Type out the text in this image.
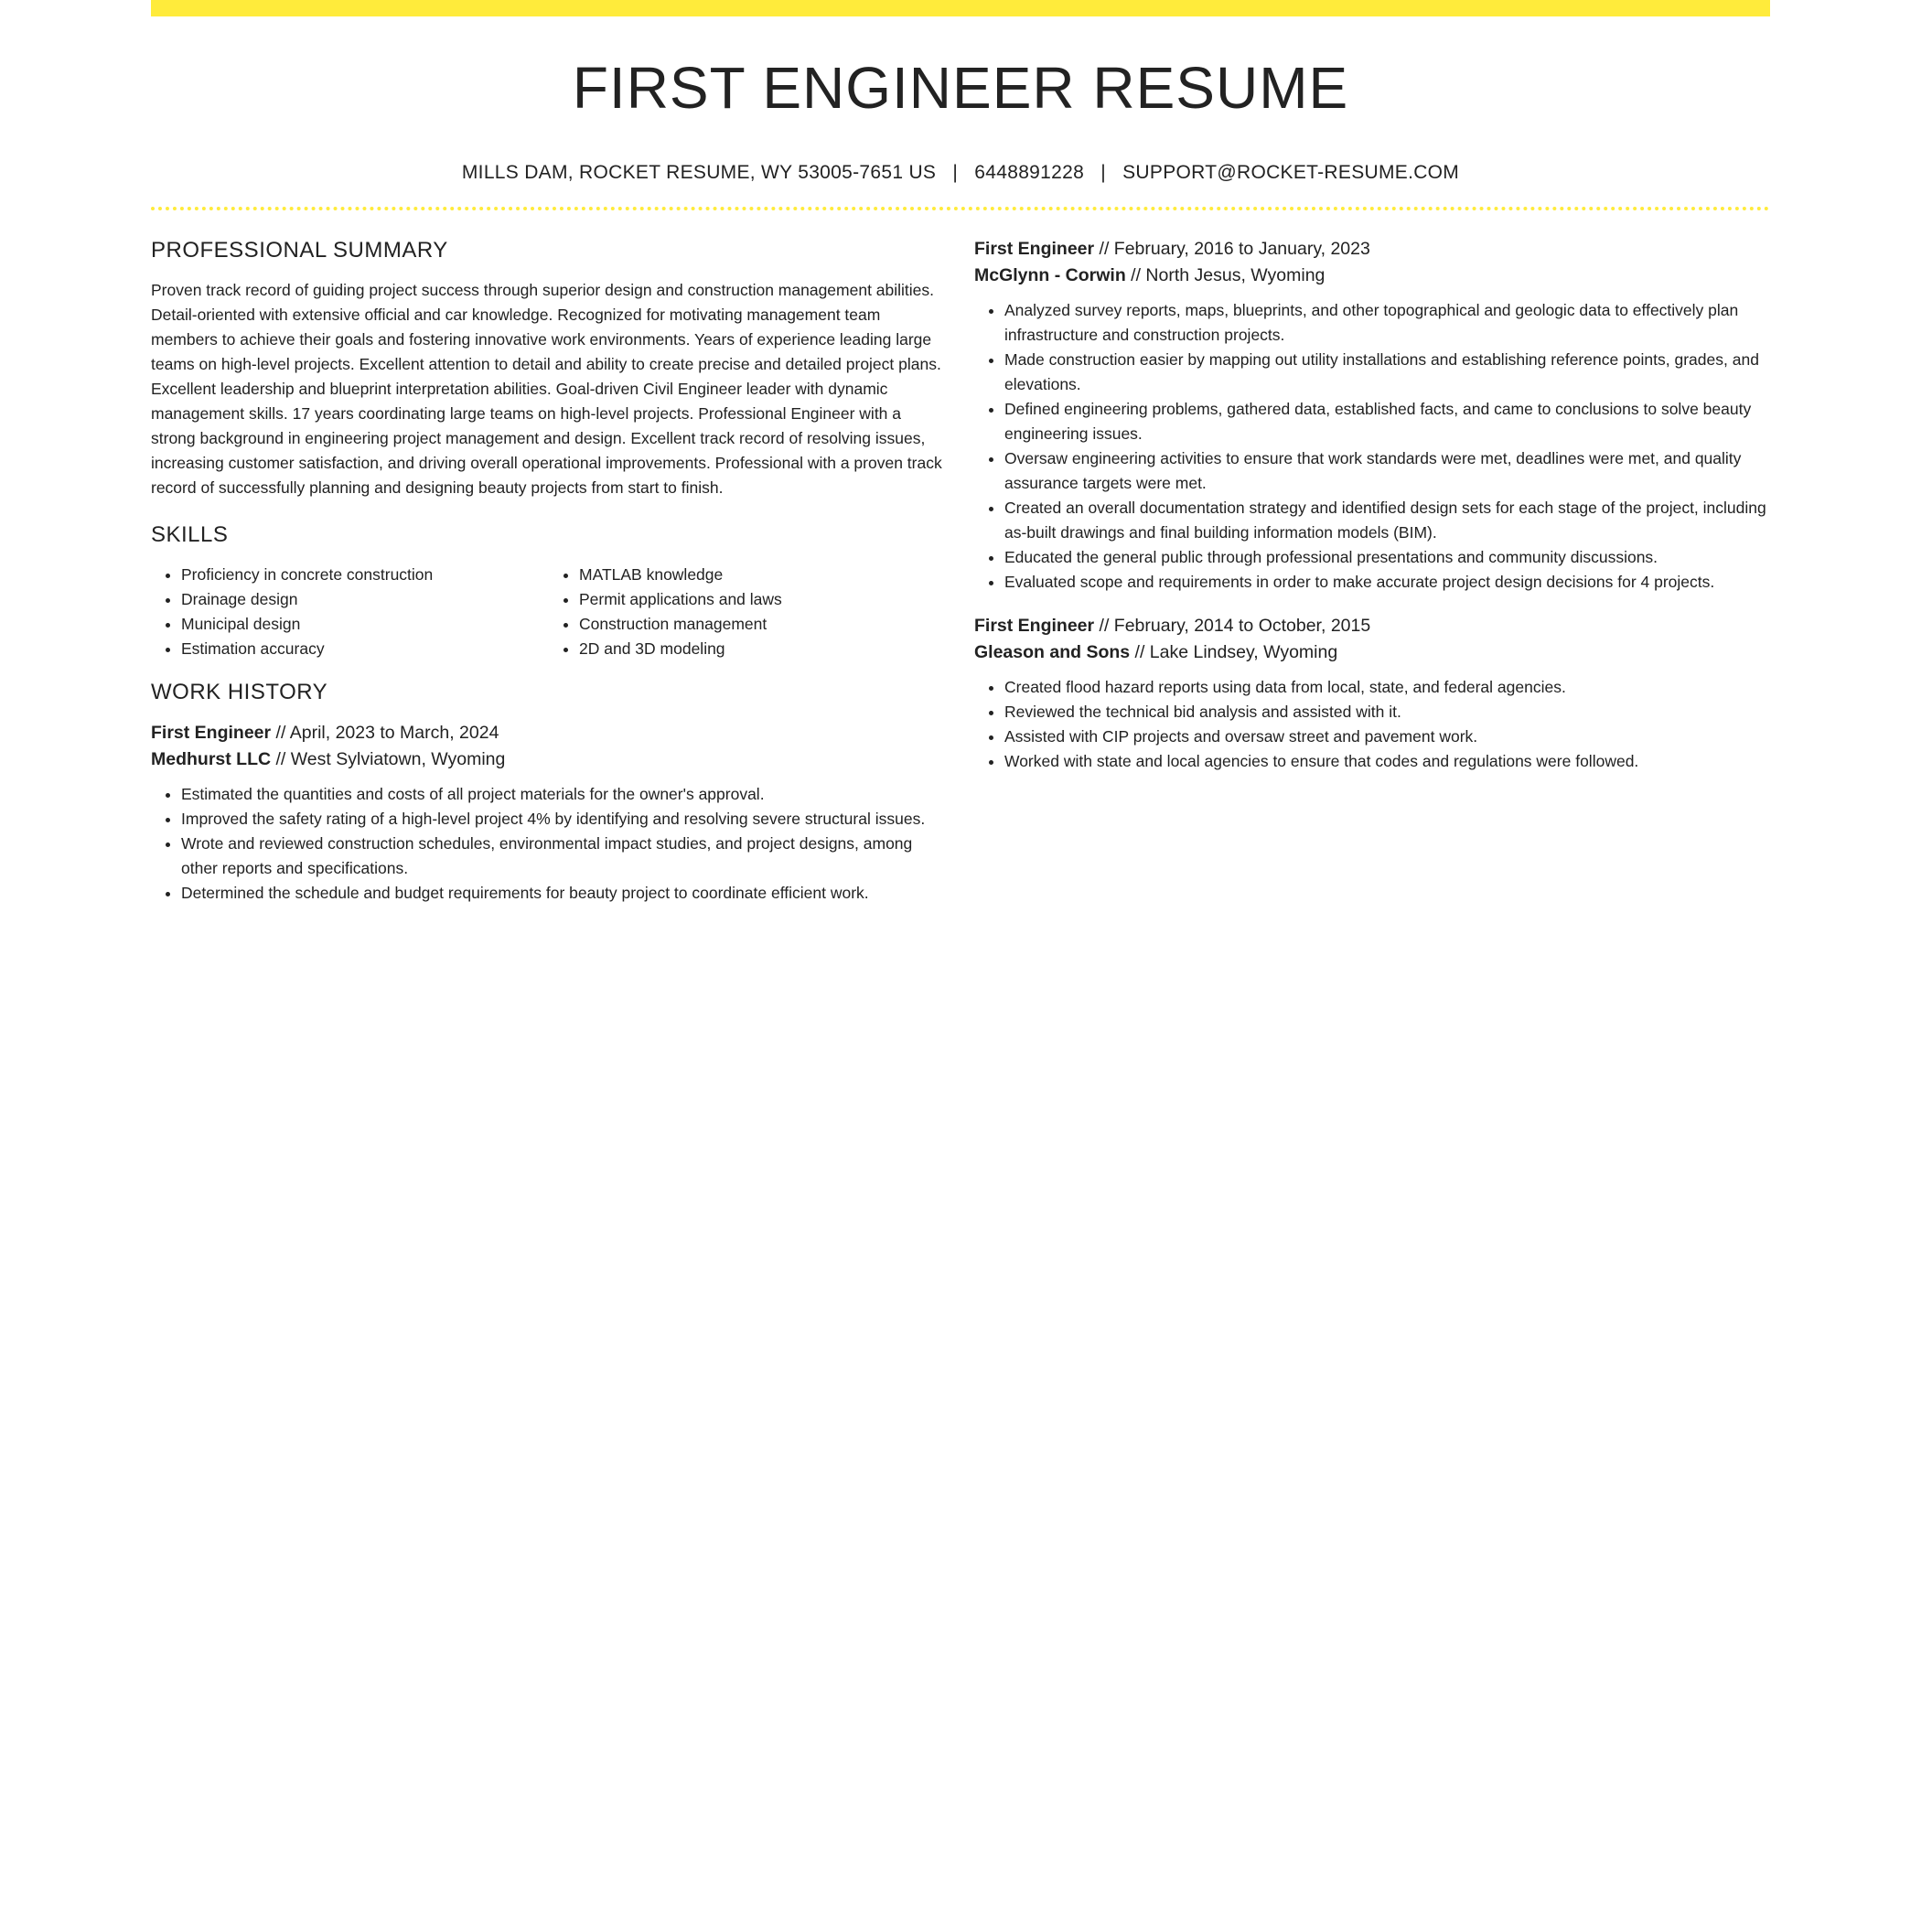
FIRST ENGINEER RESUME
MILLS DAM, ROCKET RESUME, WY 53005-7651 US | 6448891228 | SUPPORT@ROCKET-RESUME.COM
PROFESSIONAL SUMMARY

Proven track record of guiding project success through superior design and construction management abilities. Detail-oriented with extensive official and car knowledge. Recognized for motivating management team members to achieve their goals and fostering innovative work environments. Years of experience leading large teams on high-level projects. Excellent attention to detail and ability to create precise and detailed project plans. Excellent leadership and blueprint interpretation abilities. Goal-driven Civil Engineer leader with dynamic management skills. 17 years coordinating large teams on high-level projects. Professional Engineer with a strong background in engineering project management and design. Excellent track record of resolving issues, increasing customer satisfaction, and driving overall operational improvements. Professional with a proven track record of successfully planning and designing beauty projects from start to finish.

SKILLS
• Proficiency in concrete construction
• Drainage design
• Municipal design
• Estimation accuracy
• MATLAB knowledge
• Permit applications and laws
• Construction management
• 2D and 3D modeling
WORK HISTORY
First Engineer // April, 2023 to March, 2024
Medhurst LLC // West Sylviatown, Wyoming
• Estimated the quantities and costs of all project materials for the owner's approval.
• Improved the safety rating of a high-level project 4% by identifying and resolving severe structural issues.
• Wrote and reviewed construction schedules, environmental impact studies, and project designs, among other reports and specifications.
• Determined the schedule and budget requirements for beauty project to coordinate efficient work.
First Engineer // February, 2016 to January, 2023
McGlynn - Corwin // North Jesus, Wyoming
• Analyzed survey reports, maps, blueprints, and other topographical and geologic data to effectively plan infrastructure and construction projects.
• Made construction easier by mapping out utility installations and establishing reference points, grades, and elevations.
• Defined engineering problems, gathered data, established facts, and came to conclusions to solve beauty engineering issues.
• Oversaw engineering activities to ensure that work standards were met, deadlines were met, and quality assurance targets were met.
• Created an overall documentation strategy and identified design sets for each stage of the project, including as-built drawings and final building information models (BIM).
• Educated the general public through professional presentations and community discussions.
• Evaluated scope and requirements in order to make accurate project design decisions for 4 projects.
First Engineer // February, 2014 to October, 2015
Gleason and Sons // Lake Lindsey, Wyoming
• Created flood hazard reports using data from local, state, and federal agencies.
• Reviewed the technical bid analysis and assisted with it.
• Assisted with CIP projects and oversaw street and pavement work.
• Worked with state and local agencies to ensure that codes and regulations were followed.
